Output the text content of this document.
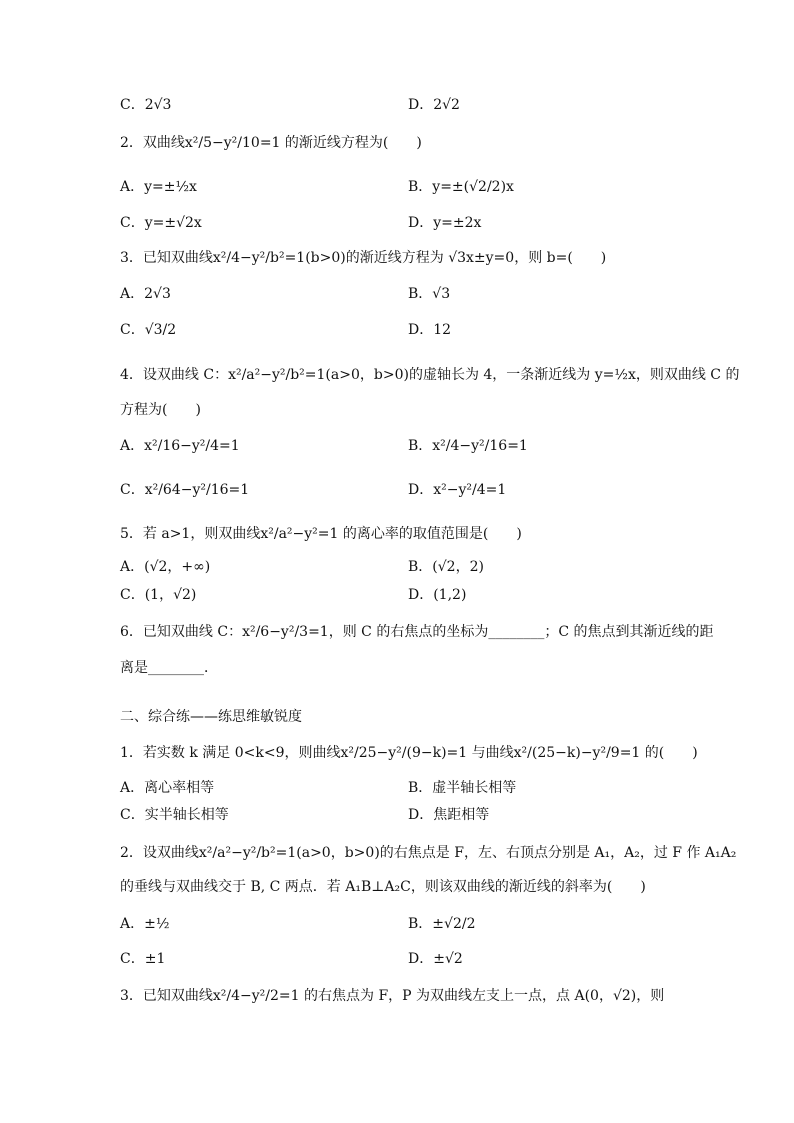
C．2√3	D．2√2
2．双曲线x²/5−y²/10=1 的渐近线方程为(　　)
A．y=±½x	B．y=±(√2/2)x
C．y=±√2x	D．y=±2x
3．已知双曲线x²/4−y²/b²=1(b>0)的渐近线方程为 √3x±y=0，则 b=(　　)
A．2√3	B．√3
C．√3/2	D．12
4．设双曲线 C：x²/a²−y²/b²=1(a>0，b>0)的虚轴长为 4，一条渐近线为 y=½x，则双曲线 C 的
方程为(　　)
A．x²/16−y²/4=1	B．x²/4−y²/16=1
C．x²/64−y²/16=1	D．x²−y²/4=1
5．若 a>1，则双曲线x²/a²−y²=1 的离心率的取值范围是(　　)
A．(√2，+∞)	B．(√2，2)
C．(1，√2)	D．(1,2)
6．已知双曲线 C：x²/6−y²/3=1，则 C 的右焦点的坐标为________；C 的焦点到其渐近线的距
离是________．
二、综合练——练思维敏锐度
1．若实数 k 满足 0<k<9，则曲线x²/25−y²/(9−k)=1 与曲线x²/(25−k)−y²/9=1 的(　　)
A．离心率相等	B．虚半轴长相等
C．实半轴长相等	D．焦距相等
2．设双曲线x²/a²−y²/b²=1(a>0，b>0)的右焦点是 F，左、右顶点分别是 A₁，A₂，过 F 作 A₁A₂
的垂线与双曲线交于 B, C 两点．若 A₁B⊥A₂C，则该双曲线的渐近线的斜率为(　　)
A．±½	B．±√2/2
C．±1	D．±√2
3．已知双曲线x²/4−y²/2=1 的右焦点为 F，P 为双曲线左支上一点，点 A(0，√2)，则
